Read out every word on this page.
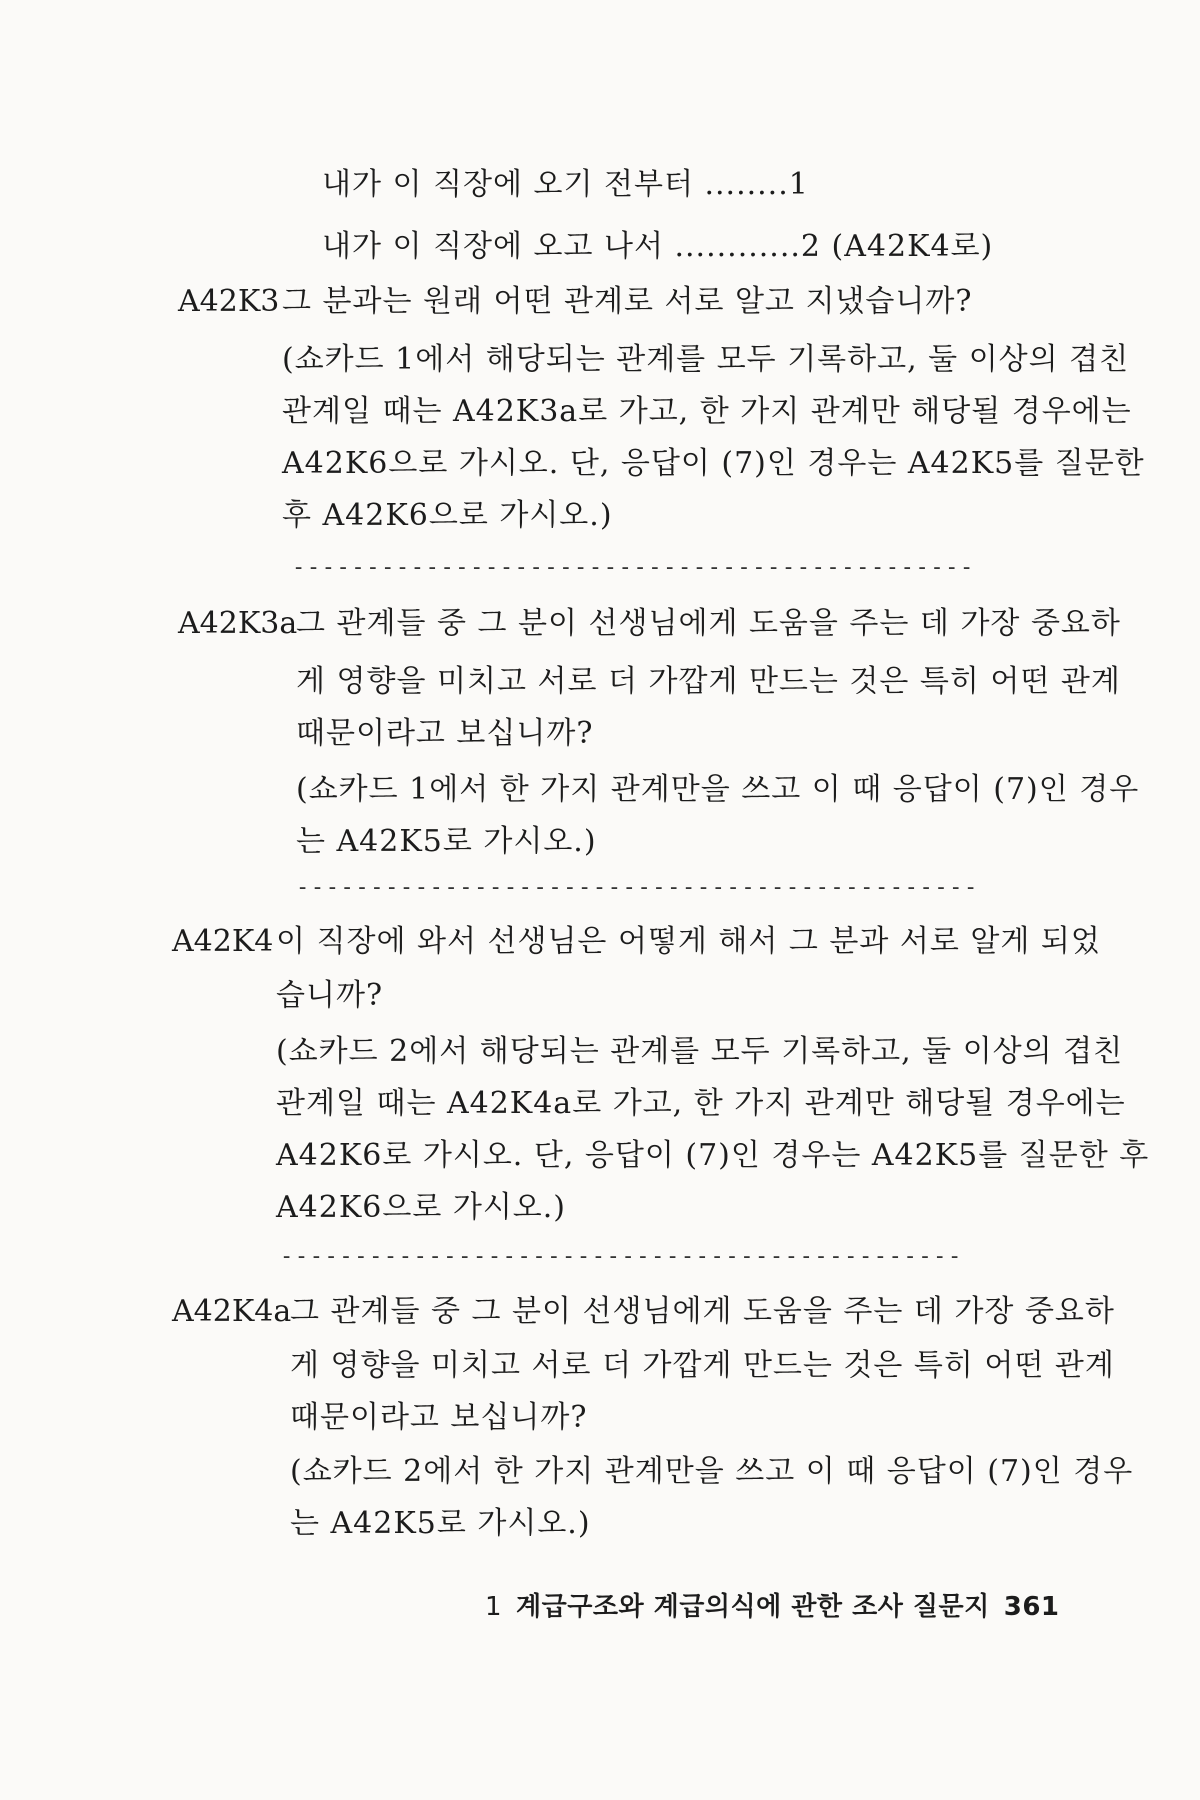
내가 이 직장에 오기 전부터 ........1
내가 이 직장에 오고 나서 ............2 (A42K4로)
A42K3 그 분과는 원래 어떤 관계로 서로 알고 지냈습니까?
(쇼카드 1에서 해당되는 관계를 모두 기록하고, 둘 이상의 겹친
관계일 때는 A42K3a로 가고, 한 가지 관계만 해당될 경우에는
A42K6으로 가시오. 단, 응답이 (7)인 경우는 A42K5를 질문한
후 A42K6으로 가시오.)
----------------------------------------------
A42K3a
그 관계들 중 그 분이 선생님에게 도움을 주는 데 가장 중요하
게 영향을 미치고 서로 더 가깝게 만드는 것은 특히 어떤 관계
때문이라고 보십니까?
(쇼카드 1에서 한 가지 관계만을 쓰고 이 때 응답이 (7)인 경우
는 A42K5로 가시오.)
----------------------------------------------
A42K4 이 직장에 와서 선생님은 어떻게 해서 그 분과 서로 알게 되었
습니까?
(쇼카드 2에서 해당되는 관계를 모두 기록하고, 둘 이상의 겹친
관계일 때는 A42K4a로 가고, 한 가지 관계만 해당될 경우에는
A42K6로 가시오. 단, 응답이 (7)인 경우는 A42K5를 질문한 후
A42K6으로 가시오.)
----------------------------------------------
A42K4a
그 관계들 중 그 분이 선생님에게 도움을 주는 데 가장 중요하
게 영향을 미치고 서로 더 가깝게 만드는 것은 특히 어떤 관계
때문이라고 보십니까?
(쇼카드 2에서 한 가지 관계만을 쓰고 이 때 응답이 (7)인 경우
는 A42K5로 가시오.)
1 계급구조와 계급의식에 관한 조사 질문지 361
